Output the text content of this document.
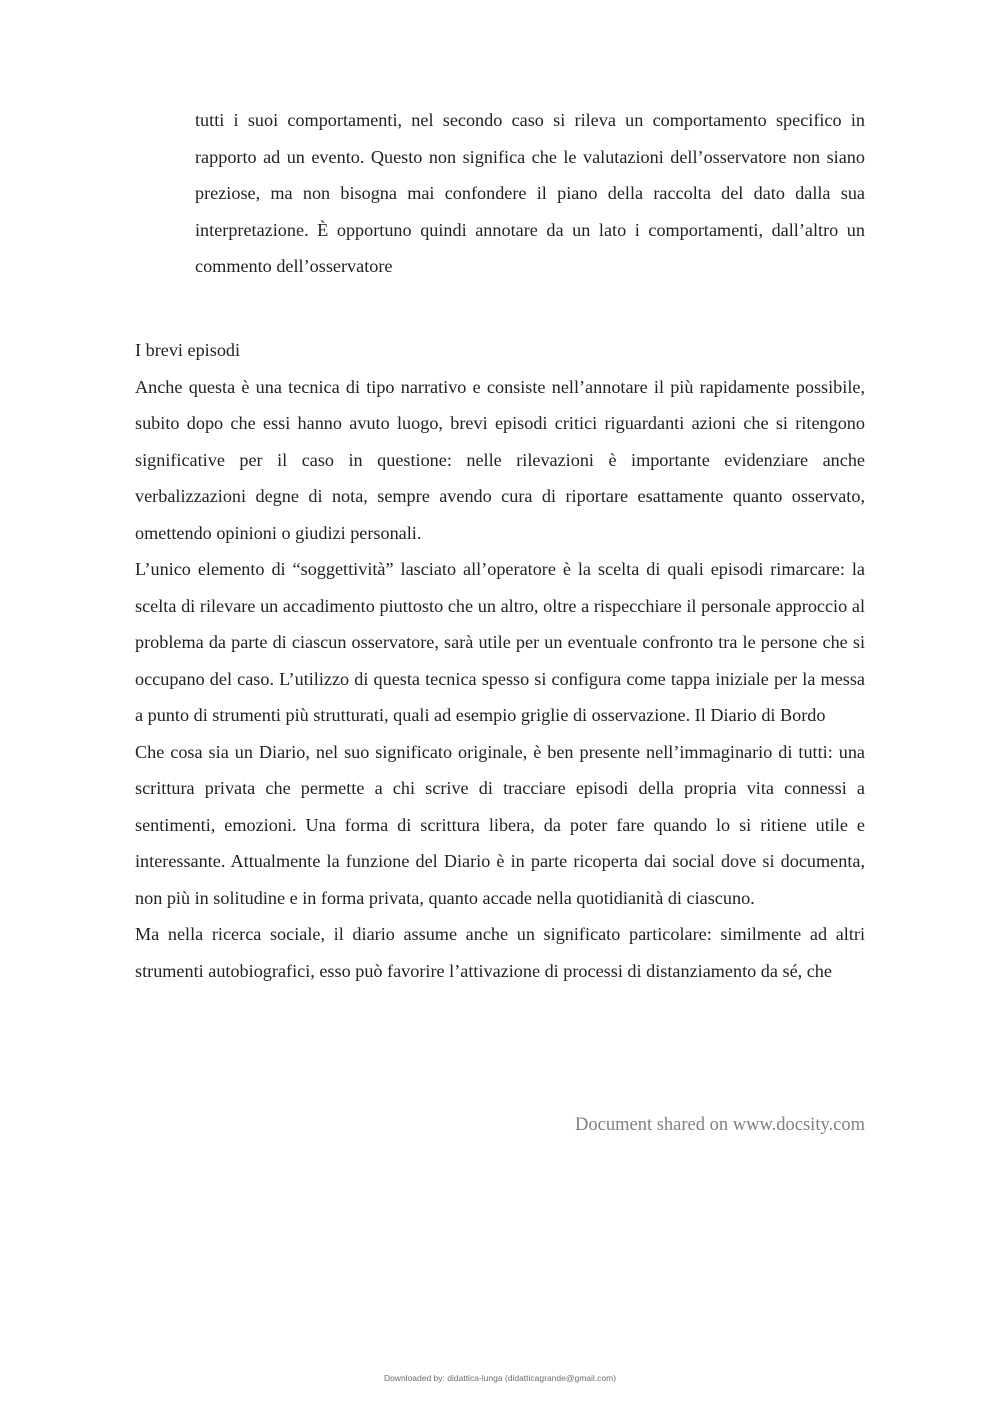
tutti i suoi comportamenti, nel secondo caso si rileva un comportamento specifico in rapporto ad un evento. Questo non significa che le valutazioni dell’osservatore non siano preziose, ma non bisogna mai confondere il piano della raccolta del dato dalla sua interpretazione. È opportuno quindi annotare da un lato i comportamenti, dall’altro un commento dell’osservatore
I brevi episodi

Anche questa è una tecnica di tipo narrativo e consiste nell’annotare il più rapidamente possibile, subito dopo che essi hanno avuto luogo, brevi episodi critici riguardanti azioni che si ritengono significative per il caso in questione: nelle rilevazioni è importante evidenziare anche verbalizzazioni degne di nota, sempre avendo cura di riportare esattamente quanto osservato, omettendo opinioni o giudizi personali.

L’unico elemento di “soggettività” lasciato all’operatore è la scelta di quali episodi rimarcare: la scelta di rilevare un accadimento piuttosto che un altro, oltre a rispecchiare il personale approccio al problema da parte di ciascun osservatore, sarà utile per un eventuale confronto tra le persone che si occupano del caso. L’utilizzo di questa tecnica spesso si configura come tappa iniziale per la messa a punto di strumenti più strutturati, quali ad esempio griglie di osservazione. Il Diario di Bordo

Che cosa sia un Diario, nel suo significato originale, è ben presente nell’immaginario di tutti: una scrittura privata che permette a chi scrive di tracciare episodi della propria vita connessi a sentimenti, emozioni. Una forma di scrittura libera, da poter fare quando lo si ritiene utile e interessante. Attualmente la funzione del Diario è in parte ricoperta dai social dove si documenta, non più in solitudine e in forma privata, quanto accade nella quotidianità di ciascuno.

Ma nella ricerca sociale, il diario assume anche un significato particolare: similmente ad altri strumenti autobiografici, esso può favorire l’attivazione di processi di distanziamento da sé, che

Document shared on www.docsity.com
Downloaded by: didattica-lunga (didatticagrande@gmail.com)
